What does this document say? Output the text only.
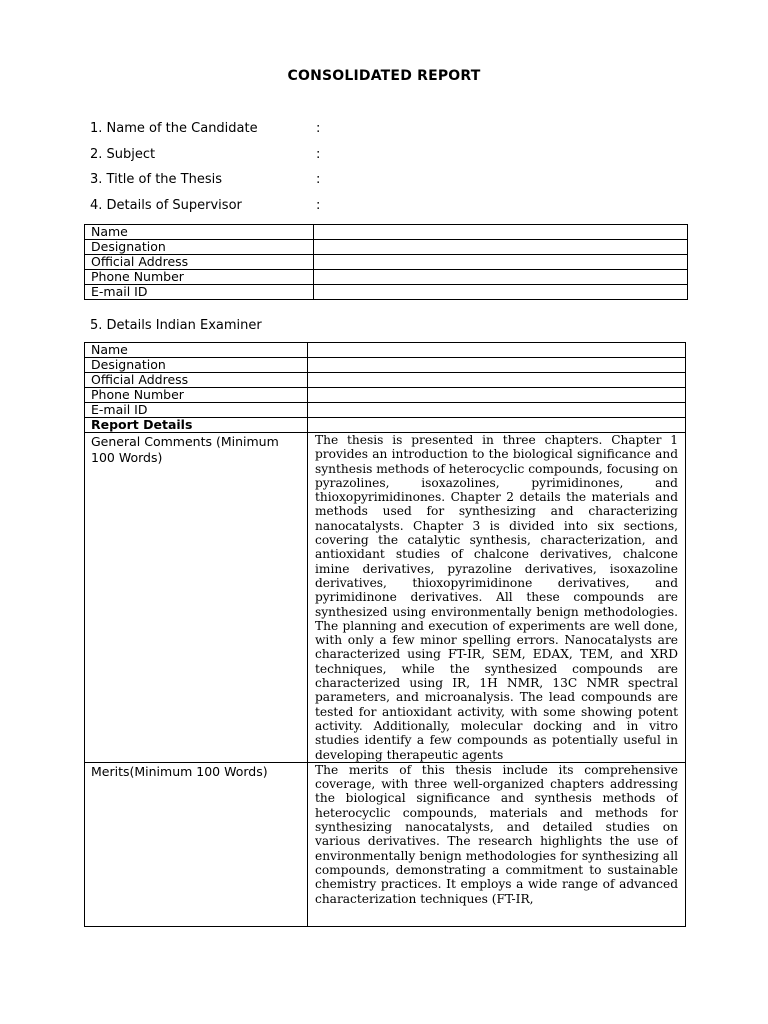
CONSOLIDATED REPORT
1. Name of the Candidate	:
2. Subject	:
3. Title of the Thesis	:
4. Details of Supervisor	:
Name	
Designation	
Official Address	
Phone Number	
E-mail ID	
5. Details Indian Examiner
Name	
Designation	
Official Address	
Phone Number	
E-mail ID	
Report Details	
General Comments (Minimum 100 Words)	The thesis is presented in three chapters. Chapter 1 provides an introduction to the biological significance and synthesis methods of heterocyclic compounds, focusing on pyrazolines, isoxazolines, pyrimidinones, and thioxopyrimidinones. Chapter 2 details the materials and methods used for synthesizing and characterizing nanocatalysts. Chapter 3 is divided into six sections, covering the catalytic synthesis, characterization, and antioxidant studies of chalcone derivatives, chalcone imine derivatives, pyrazoline derivatives, isoxazoline derivatives, thioxopyrimidinone derivatives, and pyrimidinone derivatives. All these compounds are synthesized using environmentally benign methodologies. The planning and execution of experiments are well done, with only a few minor spelling errors. Nanocatalysts are characterized using FT-IR, SEM, EDAX, TEM, and XRD techniques, while the synthesized compounds are characterized using IR, 1H NMR, 13C NMR spectral parameters, and microanalysis. The lead compounds are tested for antioxidant activity, with some showing potent activity. Additionally, molecular docking and in vitro studies identify a few compounds as potentially useful in developing therapeutic agents
Merits(Minimum 100 Words)	The merits of this thesis include its comprehensive coverage, with three well-organized chapters addressing the biological significance and synthesis methods of heterocyclic compounds, materials and methods for synthesizing nanocatalysts, and detailed studies on various derivatives. The research highlights the use of environmentally benign methodologies for synthesizing all compounds, demonstrating a commitment to sustainable chemistry practices. It employs a wide range of advanced characterization techniques (FT-IR,
